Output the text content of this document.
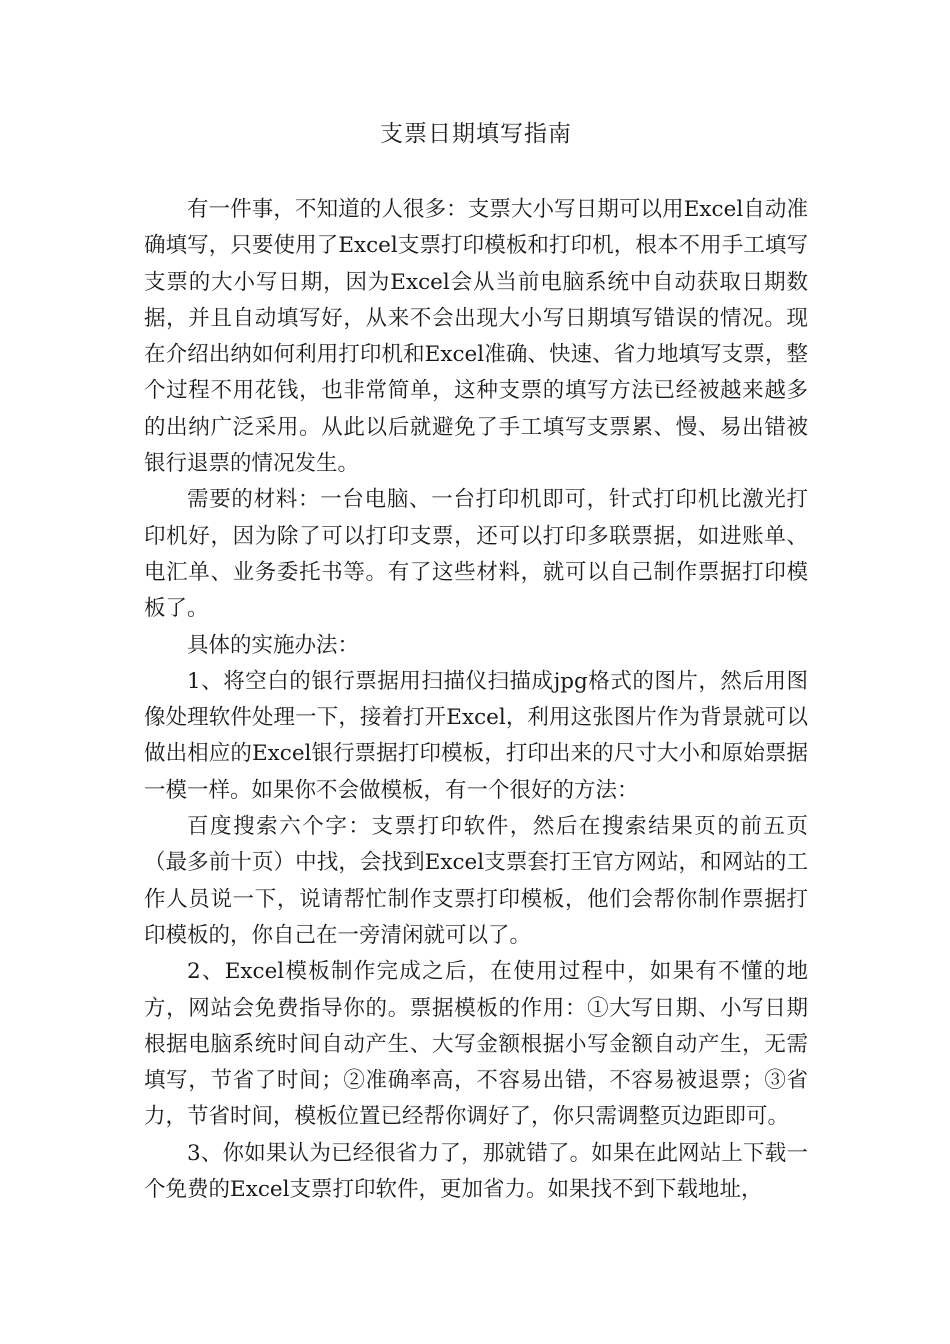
支票日期填写指南

有一件事，不知道的人很多：支票大小写日期可以用Excel自动准确填写，只要使用了Excel支票打印模板和打印机，根本不用手工填写支票的大小写日期，因为Excel会从当前电脑系统中自动获取日期数据，并且自动填写好，从来不会出现大小写日期填写错误的情况。现在介绍出纳如何利用打印机和Excel准确、快速、省力地填写支票，整个过程不用花钱，也非常简单，这种支票的填写方法已经被越来越多的出纳广泛采用。从此以后就避免了手工填写支票累、慢、易出错被银行退票的情况发生。

需要的材料：一台电脑、一台打印机即可，针式打印机比激光打印机好，因为除了可以打印支票，还可以打印多联票据，如进账单、电汇单、业务委托书等。有了这些材料，就可以自己制作票据打印模板了。

具体的实施办法：

1、将空白的银行票据用扫描仪扫描成jpg格式的图片，然后用图像处理软件处理一下，接着打开Excel，利用这张图片作为背景就可以做出相应的Excel银行票据打印模板，打印出来的尺寸大小和原始票据一模一样。如果你不会做模板，有一个很好的方法：

百度搜索六个字：支票打印软件，然后在搜索结果页的前五页（最多前十页）中找，会找到Excel支票套打王官方网站，和网站的工作人员说一下，说请帮忙制作支票打印模板，他们会帮你制作票据打印模板的，你自己在一旁清闲就可以了。

2、Excel模板制作完成之后，在使用过程中，如果有不懂的地方，网站会免费指导你的。票据模板的作用：①大写日期、小写日期根据电脑系统时间自动产生、大写金额根据小写金额自动产生，无需填写，节省了时间；②准确率高，不容易出错，不容易被退票；③省力，节省时间，模板位置已经帮你调好了，你只需调整页边距即可。

3、你如果认为已经很省力了，那就错了。如果在此网站上下载一个免费的Excel支票打印软件，更加省力。如果找不到下载地址，
